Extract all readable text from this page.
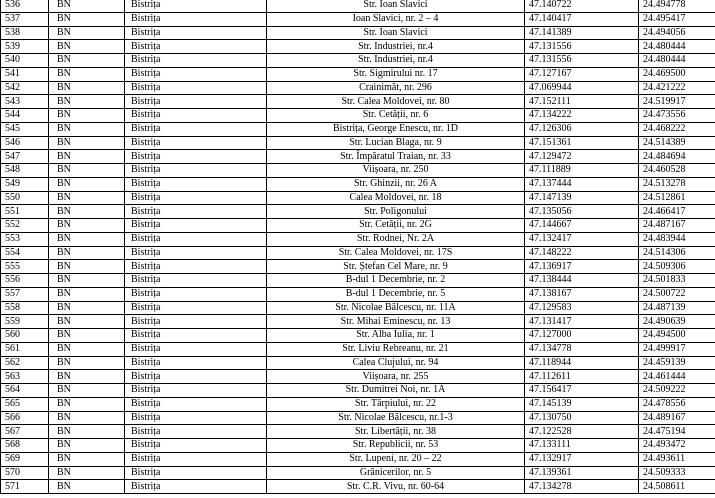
536	BN	Bistrița	Str. Ioan Slavici	47.140722	24.494778
537	BN	Bistrița	Ioan Slavici, nr. 2 – 4	47.140417	24.495417
538	BN	Bistrița	Str. Ioan Slavici	47.141389	24.494056
539	BN	Bistrița	Str. Industriei, nr.4	47.131556	24.480444
540	BN	Bistrița	Str. Industriei, nr.4	47.131556	24.480444
541	BN	Bistrița	Str. Sigmirului nr. 17	47.127167	24.469500
542	BN	Bistrița	Crainimăt, nr. 296	47.069944	24.421222
543	BN	Bistrița	Str. Calea Moldovei, nr. 80	47.152111	24.519917
544	BN	Bistrița	Str. Cetății, nr. 6	47.134222	24.473556
545	BN	Bistrița	Bistrița, George Enescu, nr. 1D	47.126306	24.468222
546	BN	Bistrița	Str. Lucian Blaga, nr. 9	47.151361	24.514389
547	BN	Bistrița	Str. Împăratul Traian, nr. 33	47.129472	24.484694
548	BN	Bistrița	Viișoara, nr. 250	47.111889	24.460528
549	BN	Bistrița	Str. Ghinzii, nr. 26 A	47.137444	24.513278
550	BN	Bistrița	Calea Moldovei, nr. 18	47.147139	24.512861
551	BN	Bistrița	Str. Poligonului	47.135056	24.466417
552	BN	Bistrița	Str. Cetății, nr. 2G	47.144667	24.487167
553	BN	Bistrița	Str. Rodnei, Nr. 2A	47.132417	24.483944
554	BN	Bistrița	Str. Calea Moldovei, nr. 17S	47.148222	24.514306
555	BN	Bistrița	Str. Ștefan Cel Mare, nr. 9	47.136917	24.509306
556	BN	Bistrița	B-dul 1 Decembrie, nr. 2	47.138444	24.501833
557	BN	Bistrița	B-dul 1 Decembrie, nr. 5	47.138167	24.500722
558	BN	Bistrița	Str. Nicolae Bălcescu, nr. 11A	47.129583	24.487139
559	BN	Bistrița	Str. Mihai Eminescu, nr. 13	47.131417	24.490639
560	BN	Bistrița	Str. Alba Iulia, nr. 1	47.127000	24.494500
561	BN	Bistrița	Str. Liviu Rebreanu, nr. 21	47.134778	24.499917
562	BN	Bistrița	Calea Clujului, nr. 94	47.118944	24.459139
563	BN	Bistrița	Viișoara, nr. 255	47.112611	24.461444
564	BN	Bistrița	Str. Dumitrei Noi, nr. 1A	47.156417	24.509222
565	BN	Bistrița	Str. Tărpiului, nr. 22	47.145139	24.478556
566	BN	Bistrița	Str. Nicolae Bălcescu, nr.1-3	47.130750	24.489167
567	BN	Bistrița	Str. Libertății, nr. 38	47.122528	24.475194
568	BN	Bistrița	Str. Republicii, nr. 53	47.133111	24.493472
569	BN	Bistrița	Str. Lupeni, nr. 20 – 22	47.132917	24.493611
570	BN	Bistrița	Grănicerilor, nr. 5	47.139361	24.509333
571	BN	Bistrița	Str. C.R. Vivu, nr. 60-64	47.134278	24.508611
